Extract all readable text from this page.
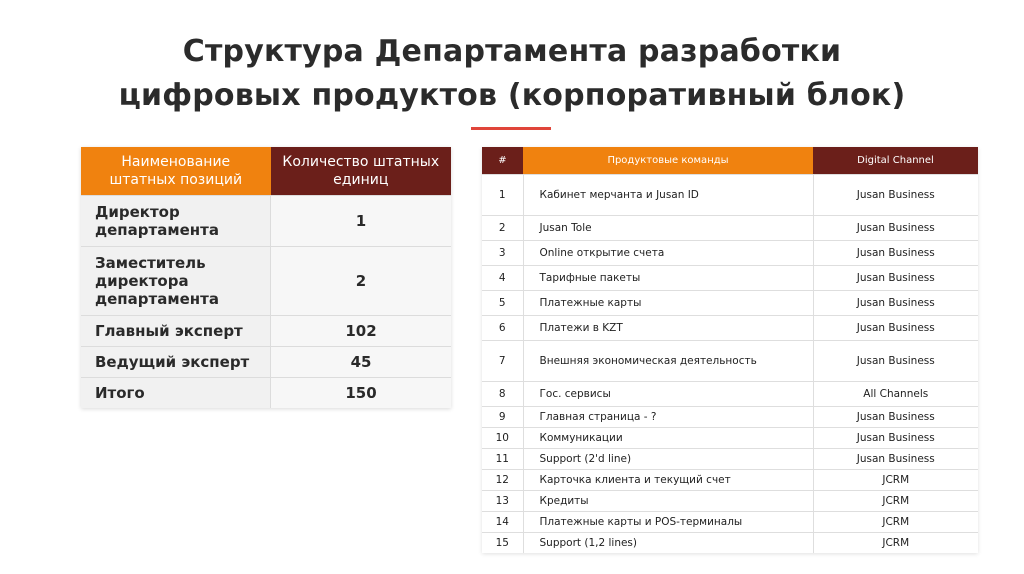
Структура Департамента разработки
цифровых продуктов (корпоративный блок)
Наименование штатных позиций	Количество штатных единиц
Директор департамента	1
Заместитель директора департамента	2
Главный эксперт	102
Ведущий эксперт	45
Итого	150
#	Продуктовые команды	Digital Channel
1	Кабинет мерчанта и Jusan ID	Jusan Business
2	Jusan Tole	Jusan Business
3	Online открытие счета	Jusan Business
4	Тарифные пакеты	Jusan Business
5	Платежные карты	Jusan Business
6	Платежи в KZT	Jusan Business
7	Внешняя экономическая деятельность	Jusan Business
8	Гос. сервисы	All Channels
9	Главная страница - ?	Jusan Business
10	Коммуникации	Jusan Business
11	Support (2'd line)	Jusan Business
12	Карточка клиента и текущий счет	JCRM
13	Кредиты	JCRM
14	Платежные карты и POS-терминалы	JCRM
15	Support (1,2 lines)	JCRM
